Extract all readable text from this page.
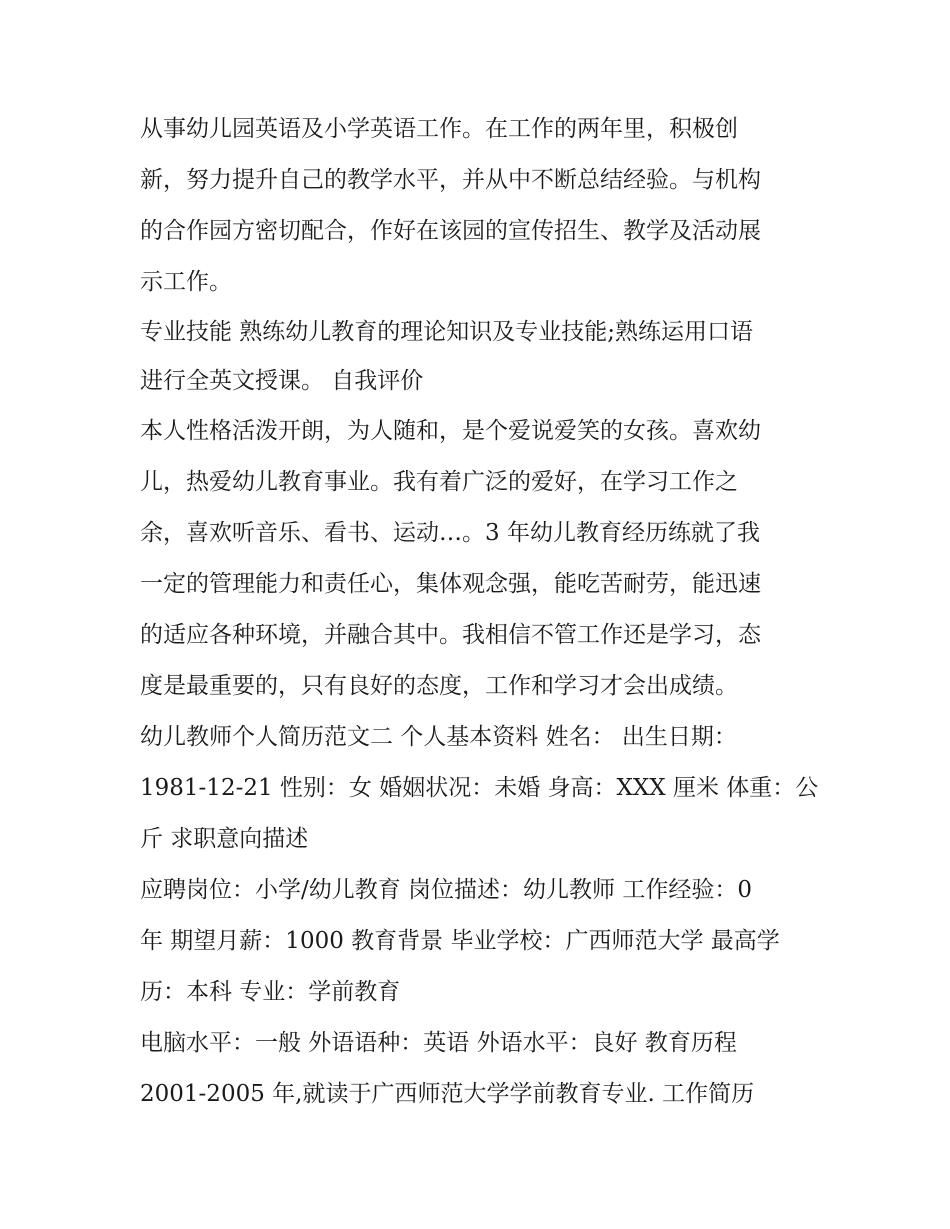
从事幼儿园英语及小学英语工作。在工作的两年里，积极创
新，努力提升自己的教学水平，并从中不断总结经验。与机构
的合作园方密切配合，作好在该园的宣传招生、教学及活动展
示工作。

专业技能 熟练幼儿教育的理论知识及专业技能;熟练运用口语
进行全英文授课。 自我评价

本人性格活泼开朗，为人随和，是个爱说爱笑的女孩。喜欢幼
儿，热爱幼儿教育事业。我有着广泛的爱好，在学习工作之
余，喜欢听音乐、看书、运动…。3 年幼儿教育经历练就了我
一定的管理能力和责任心，集体观念强，能吃苦耐劳，能迅速
的适应各种环境，并融合其中。我相信不管工作还是学习，态
度是最重要的，只有良好的态度，工作和学习才会出成绩。
幼儿教师个人简历范文二 个人基本资料 姓名： 出生日期：
1981-12-21 性别：女 婚姻状况：未婚 身高：XXX 厘米 体重：公
斤 求职意向描述

应聘岗位：小学/幼儿教育 岗位描述：幼儿教师 工作经验：0
年 期望月薪：1000 教育背景 毕业学校：广西师范大学 最高学
历：本科 专业：学前教育

电脑水平：一般 外语语种：英语 外语水平：良好 教育历程
2001-2005 年,就读于广西师范大学学前教育专业. 工作简历
